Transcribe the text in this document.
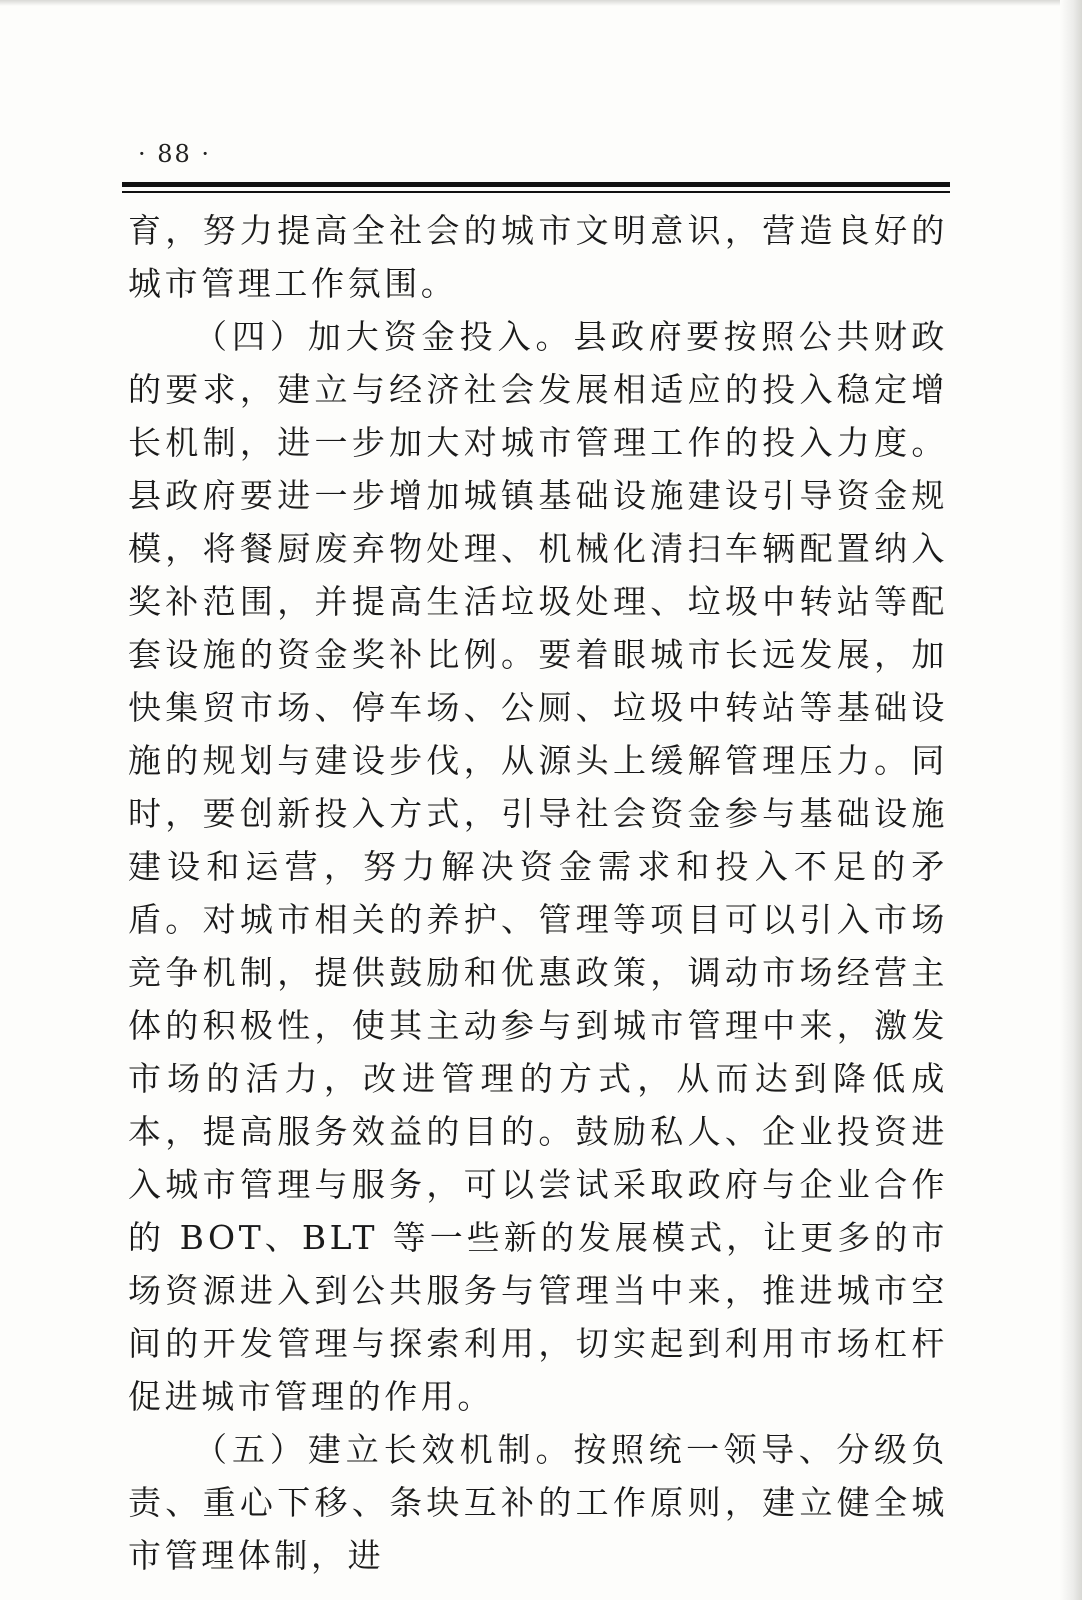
· 88 ·

育，努力提高全社会的城市文明意识，营造良好的城市管理工作氛围。

（四）加大资金投入。县政府要按照公共财政的要求，建立与经济社会发展相适应的投入稳定增长机制，进一步加大对城市管理工作的投入力度。县政府要进一步增加城镇基础设施建设引导资金规模，将餐厨废弃物处理、机械化清扫车辆配置纳入奖补范围，并提高生活垃圾处理、垃圾中转站等配套设施的资金奖补比例。要着眼城市长远发展，加快集贸市场、停车场、公厕、垃圾中转站等基础设施的规划与建设步伐，从源头上缓解管理压力。同时，要创新投入方式，引导社会资金参与基础设施建设和运营，努力解决资金需求和投入不足的矛盾。对城市相关的养护、管理等项目可以引入市场竞争机制，提供鼓励和优惠政策，调动市场经营主体的积极性，使其主动参与到城市管理中来，激发市场的活力，改进管理的方式，从而达到降低成本，提高服务效益的目的。鼓励私人、企业投资进入城市管理与服务，可以尝试采取政府与企业合作的 BOT、BLT 等一些新的发展模式，让更多的市场资源进入到公共服务与管理当中来，推进城市空间的开发管理与探索利用，切实起到利用市场杠杆促进城市管理的作用。

（五）建立长效机制。按照统一领导、分级负责、重心下移、条块互补的工作原则，建立健全城市管理体制，进
